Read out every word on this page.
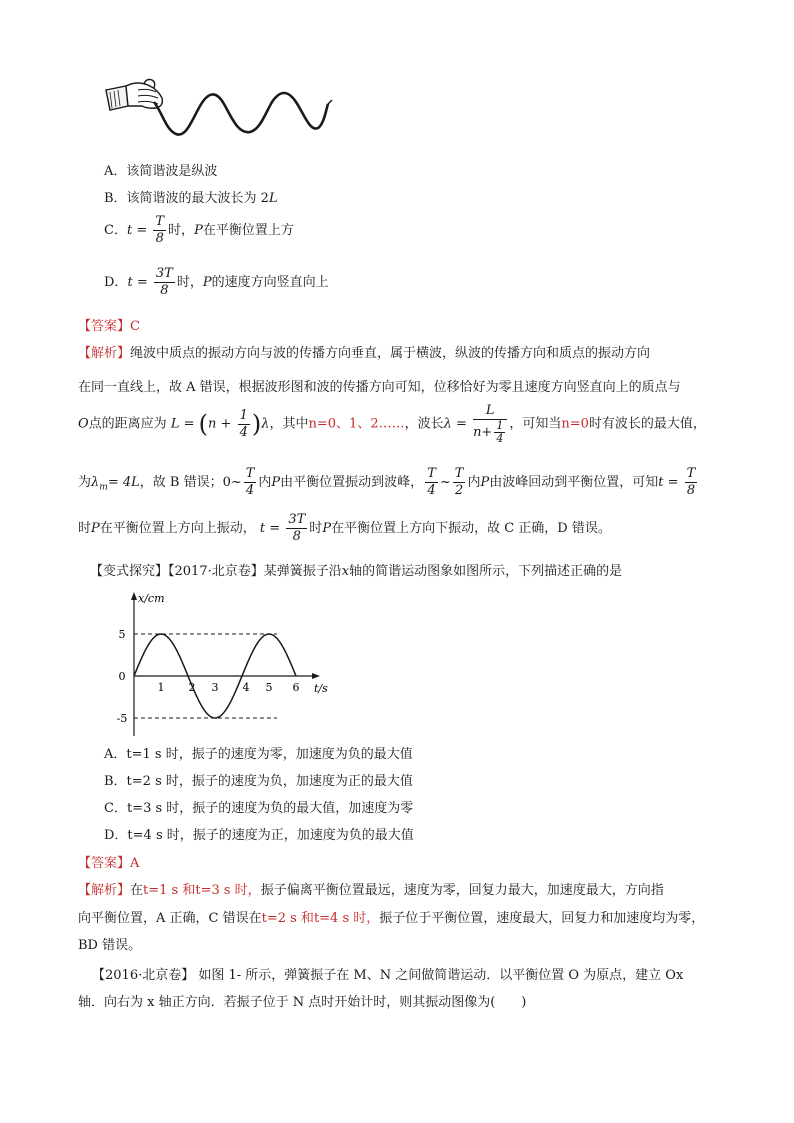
A．该简谐波是纵波
B．该简谐波的最大波长为 2L
C．$t = \frac{T}{8}$ 时，P在平衡位置上方
D．$t = \frac{3T}{8}$ 时，P的速度方向竖直向上
【答案】C
【解析】绳波中质点的振动方向与波的传播方向垂直，属于横波，纵波的传播方向和质点的振动方向
在同一直线上，故 A 错误，根据波形图和波的传播方向可知，位移恰好为零且速度方向竖直向上的质点与
O点的距离应为 $L = (n + \frac{1}{4} )\lambda$，其中n=0、1、2……，波长$\lambda = \frac{L}{n+ \frac{1}{4}}$ ，可知当n=0时有波长的最大值，
为$\lambda_m= 4L$，故 B 错误；0~ $\frac{T}{4}$ 内P由平衡位置振动到波峰， $\frac{T}{4}$ ~ $\frac{T}{2}$ 内P由波峰回动到平衡位置，可知$t = \frac{T}{8}$
时P在平衡位置上方向上振动， $t = \frac{3T}{8}$ 时P在平衡位置上方向下振动，故 C 正确，D 错误。
【变式探究】【2017·北京卷】某弹簧振子沿x轴的简谐运动图象如图所示，下列描述正确的是
x/cm
t/s
5
0
-5
1 2 3 4 5 6
A．t=1 s 时，振子的速度为零，加速度为负的最大值
B．t=2 s 时，振子的速度为负，加速度为正的最大值
C．t=3 s 时，振子的速度为负的最大值，加速度为零
D．t=4 s 时，振子的速度为正，加速度为负的最大值
【答案】A
【解析】在t=1 s 和t=3 s 时，振子偏离平衡位置最远，速度为零，回复力最大，加速度最大，方向指
向平衡位置，A 正确，C 错误在t=2 s 和t=4 s 时，振子位于平衡位置，速度最大，回复力和加速度均为零，
BD 错误。
【2016·北京卷】 如图 1- 所示，弹簧振子在 M、N 之间做简谐运动．以平衡位置 O 为原点，建立 Ox
轴．向右为 x 轴正方向．若振子位于 N 点时开始计时，则其振动图像为(　　)
